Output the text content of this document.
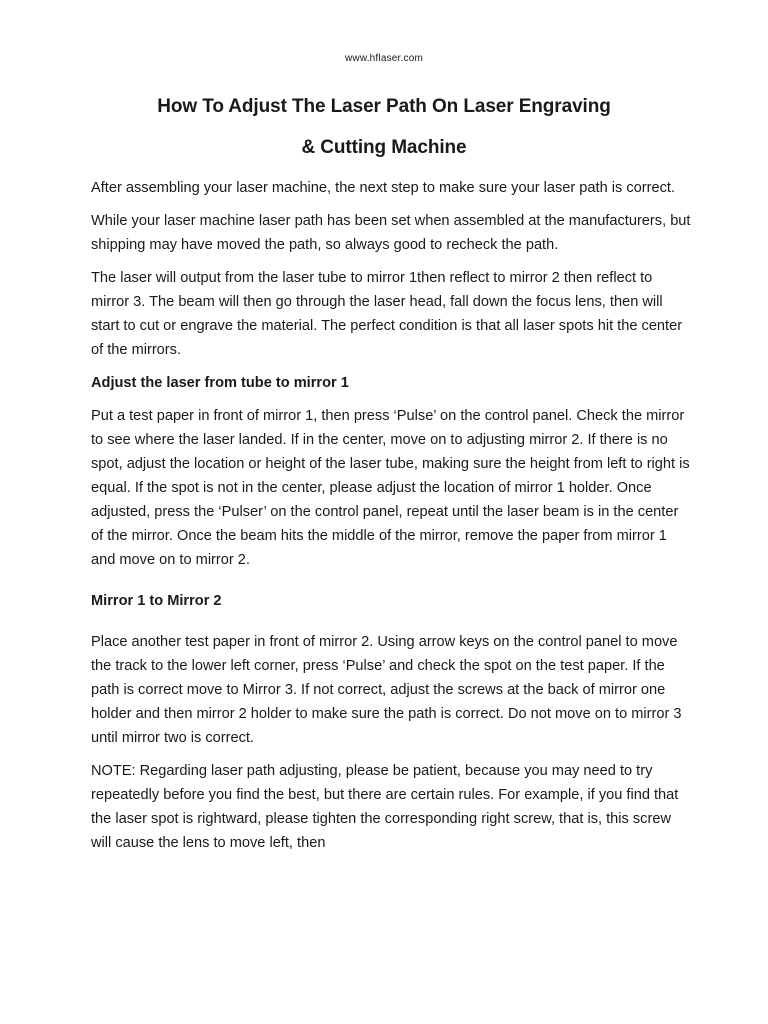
www.hflaser.com
How To Adjust The Laser Path On Laser Engraving
& Cutting Machine

After assembling your laser machine, the next step to make sure your laser path is correct.

While your laser machine laser path has been set when assembled at the manufacturers, but shipping may have moved the path, so always good to recheck the path.

The laser will output from the laser tube to mirror 1then reflect to mirror 2 then reflect to mirror 3. The beam will then go through the laser head, fall down the focus lens, then will start to cut or engrave the material. The perfect condition is that all laser spots hit the center of the mirrors.

Adjust the laser from tube to mirror 1

Put a test paper in front of mirror 1, then press ‘Pulse’ on the control panel. Check the mirror to see where the laser landed. If in the center, move on to adjusting mirror 2. If there is no spot, adjust the location or height of the laser tube, making sure the height from left to right is equal. If the spot is not in the center, please adjust the location of mirror 1 holder. Once adjusted, press the ‘Pulser’ on the control panel, repeat until the laser beam is in the center of the mirror. Once the beam hits the middle of the mirror, remove the paper from mirror 1 and move on to mirror 2.

Mirror 1 to Mirror 2

Place another test paper in front of mirror 2. Using arrow keys on the control panel to move the track to the lower left corner, press ‘Pulse’ and check the spot on the test paper. If the path is correct move to Mirror 3. If not correct, adjust the screws at the back of mirror one holder and then mirror 2 holder to make sure the path is correct. Do not move on to mirror 3 until mirror two is correct.

NOTE: Regarding laser path adjusting, please be patient, because you may need to try repeatedly before you find the best, but there are certain rules. For example, if you find that the laser spot is rightward, please tighten the corresponding right screw, that is, this screw will cause the lens to move left, then
